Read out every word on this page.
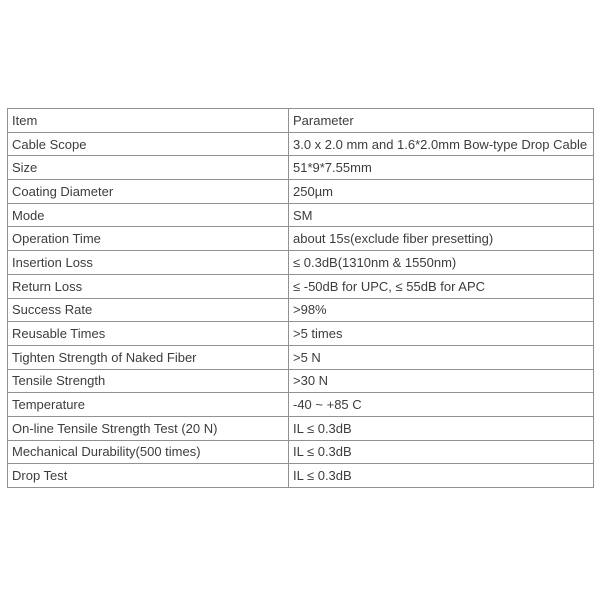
Item	Parameter
Cable Scope	3.0 x 2.0 mm and 1.6*2.0mm Bow-type Drop Cable
Size	51*9*7.55mm
Coating Diameter	250µm
Mode	SM
Operation Time	about 15s(exclude fiber presetting)
Insertion Loss	≤ 0.3dB(1310nm & 1550nm)
Return Loss	≤ -50dB for UPC, ≤ 55dB for APC
Success Rate	>98%
Reusable Times	>5 times
Tighten Strength of Naked Fiber	>5 N
Tensile Strength	>30 N
Temperature	-40 ~ +85 C
On-line Tensile Strength Test (20 N)	IL ≤ 0.3dB
Mechanical Durability(500 times)	IL ≤ 0.3dB
Drop Test	IL ≤ 0.3dB
